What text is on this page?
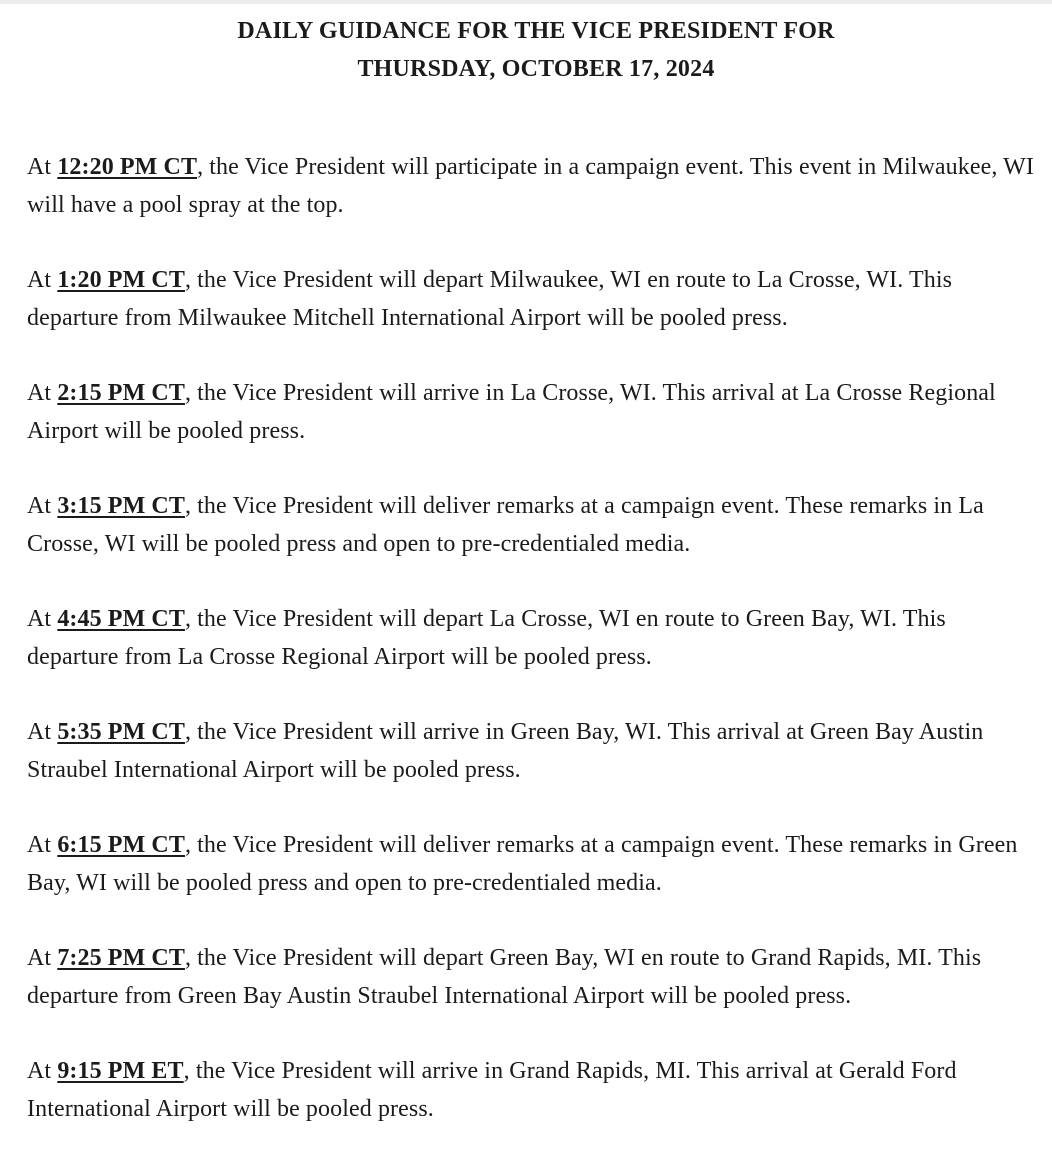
DAILY GUIDANCE FOR THE VICE PRESIDENT FOR
THURSDAY, OCTOBER 17, 2024

At 12:20 PM CT, the Vice President will participate in a campaign event. This event in Milwaukee, WI will have a pool spray at the top.

At 1:20 PM CT, the Vice President will depart Milwaukee, WI en route to La Crosse, WI. This departure from Milwaukee Mitchell International Airport will be pooled press.

At 2:15 PM CT, the Vice President will arrive in La Crosse, WI. This arrival at La Crosse Regional Airport will be pooled press.

At 3:15 PM CT, the Vice President will deliver remarks at a campaign event. These remarks in La Crosse, WI will be pooled press and open to pre-credentialed media.

At 4:45 PM CT, the Vice President will depart La Crosse, WI en route to Green Bay, WI. This departure from La Crosse Regional Airport will be pooled press.

At 5:35 PM CT, the Vice President will arrive in Green Bay, WI. This arrival at Green Bay Austin Straubel International Airport will be pooled press.

At 6:15 PM CT, the Vice President will deliver remarks at a campaign event. These remarks in Green Bay, WI will be pooled press and open to pre-credentialed media.

At 7:25 PM CT, the Vice President will depart Green Bay, WI en route to Grand Rapids, MI. This departure from Green Bay Austin Straubel International Airport will be pooled press.

At 9:15 PM ET, the Vice President will arrive in Grand Rapids, MI. This arrival at Gerald Ford International Airport will be pooled press.
